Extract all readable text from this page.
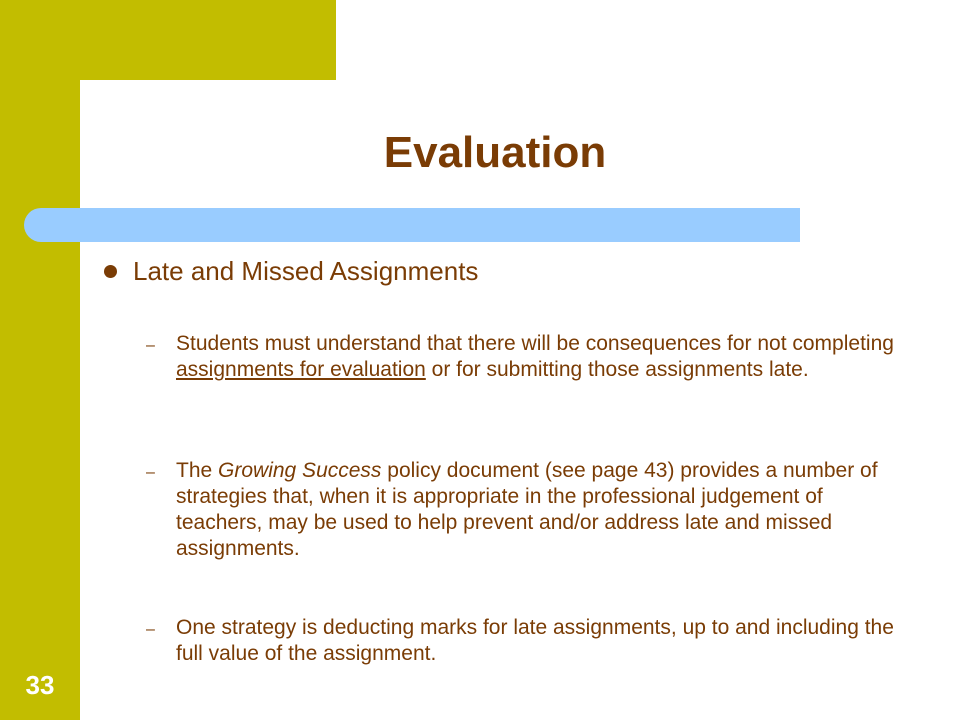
Evaluation
Late and Missed Assignments
– Students must understand that there will be consequences for not completing assignments for evaluation or for submitting those assignments late.
– The Growing Success policy document (see page 43) provides a number of strategies that, when it is appropriate in the professional judgement of teachers, may be used to help prevent and/or address late and missed assignments.
– One strategy is deducting marks for late assignments, up to and including the full value of the assignment.
33
